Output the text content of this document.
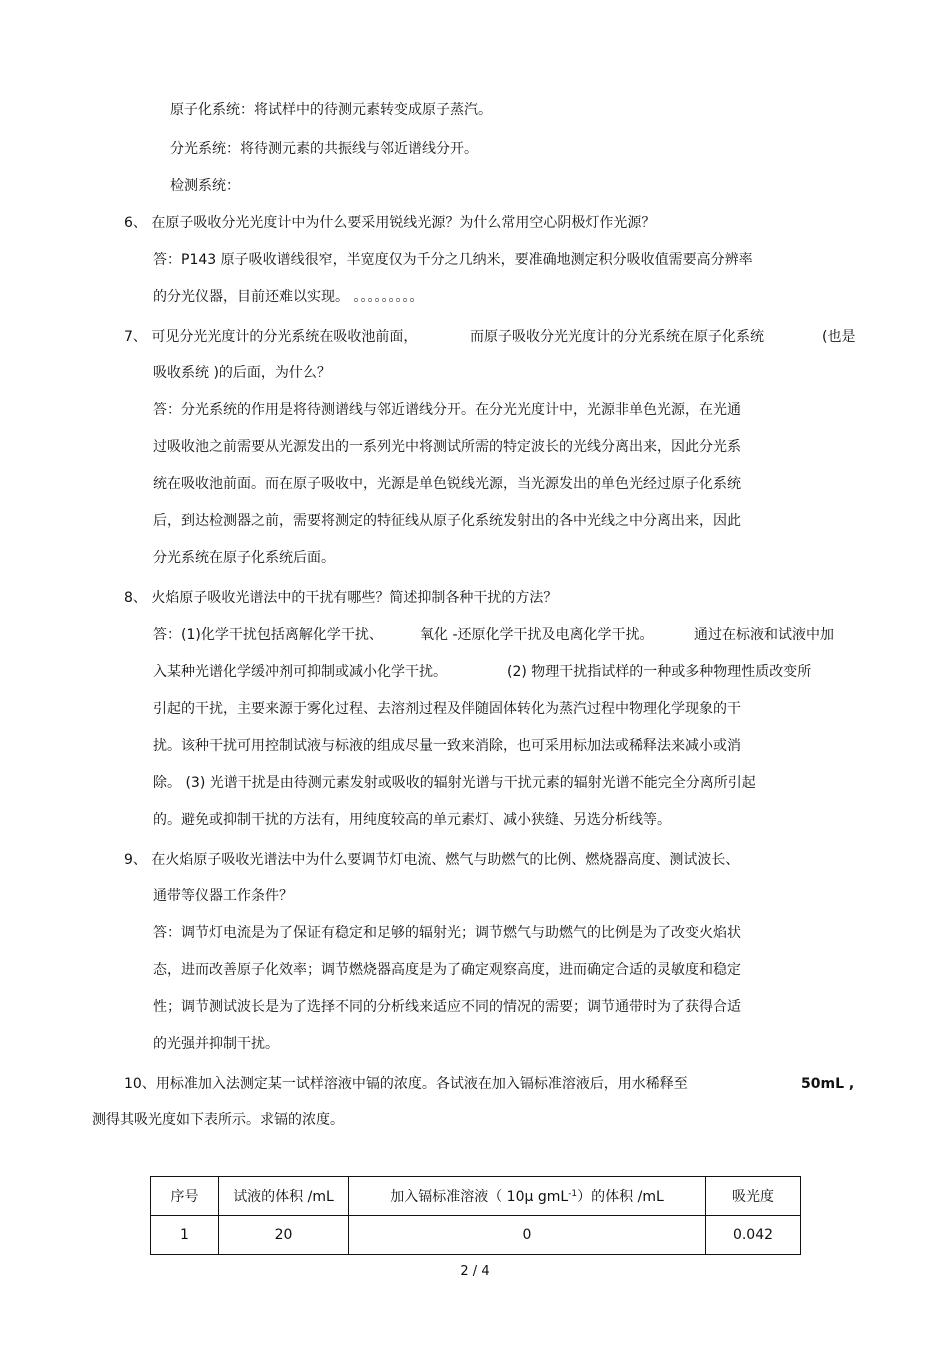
原子化系统：将试样中的待测元素转变成原子蒸汽。
分光系统：将待测元素的共振线与邻近谱线分开。
检测系统：
6、 在原子吸收分光光度计中为什么要采用锐线光源？为什么常用空心阴极灯作光源？
答：P143 原子吸收谱线很窄，半宽度仅为千分之几纳米，要准确地测定积分吸收值需要高分辨率
的分光仪器，目前还难以实现。 。。。。。。。。。
7、 可见分光光度计的分光系统在吸收池前面，	而原子吸收分光光度计的分光系统在原子化系统	(也是
吸收系统 )的后面，为什么？
答：分光系统的作用是将待测谱线与邻近谱线分开。在分光光度计中，光源非单色光源，在光通
过吸收池之前需要从光源发出的一系列光中将测试所需的特定波长的光线分离出来，因此分光系
统在吸收池前面。而在原子吸收中，光源是单色锐线光源，当光源发出的单色光经过原子化系统
后，到达检测器之前，需要将测定的特征线从原子化系统发射出的各中光线之中分离出来，因此
分光系统在原子化系统后面。
8、 火焰原子吸收光谱法中的干扰有哪些？简述抑制各种干扰的方法？
答：(1)化学干扰包括离解化学干扰、	氧化 -还原化学干扰及电离化学干扰。	通过在标液和试液中加
入某种光谱化学缓冲剂可抑制或减小化学干扰。	(2) 物理干扰指试样的一种或多种物理性质改变所
引起的干扰，主要来源于雾化过程、去溶剂过程及伴随固体转化为蒸汽过程中物理化学现象的干
扰。该种干扰可用控制试液与标液的组成尽量一致来消除，也可采用标加法或稀释法来减小或消
除。 (3) 光谱干扰是由待测元素发射或吸收的辐射光谱与干扰元素的辐射光谱不能完全分离所引起
的。避免或抑制干扰的方法有，用纯度较高的单元素灯、减小狭缝、另选分析线等。
9、 在火焰原子吸收光谱法中为什么要调节灯电流、燃气与助燃气的比例、燃烧器高度、测试波长、
通带等仪器工作条件？
答：调节灯电流是为了保证有稳定和足够的辐射光；调节燃气与助燃气的比例是为了改变火焰状
态，进而改善原子化效率；调节燃烧器高度是为了确定观察高度，进而确定合适的灵敏度和稳定
性；调节测试波长是为了选择不同的分析线来适应不同的情况的需要；调节通带时为了获得合适
的光强并抑制干扰。
10、用标准加入法测定某一试样溶液中镉的浓度。各试液在加入镉标准溶液后，用水稀释至	50mL ,
测得其吸光度如下表所示。求镉的浓度。
序号	试液的体积 /mL	加入镉标准溶液（ 10μ gmL$^{-1}$）的体积 /mL	吸光度
1	20	0	0.042
2 / 4
